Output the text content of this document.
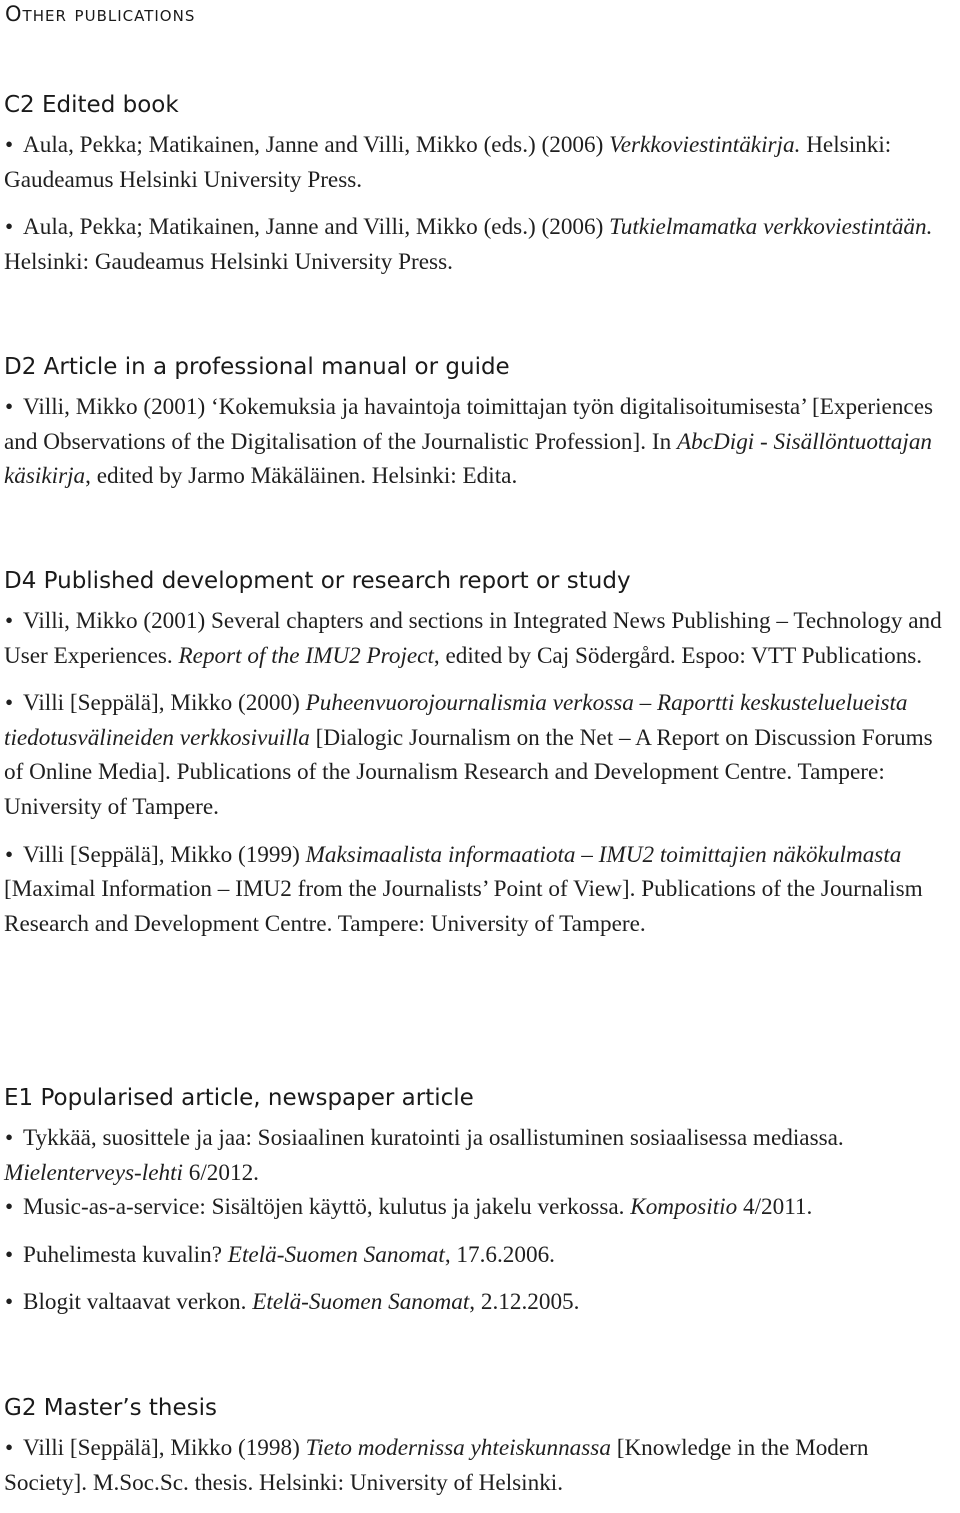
Other publications
C2 Edited book

• Aula, Pekka; Matikainen, Janne and Villi, Mikko (eds.) (2006) Verkkoviestintäkirja. Helsinki: Gaudeamus Helsinki University Press.

• Aula, Pekka; Matikainen, Janne and Villi, Mikko (eds.) (2006) Tutkielmamatka verkkoviestintään. Helsinki: Gaudeamus Helsinki University Press.

D2 Article in a professional manual or guide

• Villi, Mikko (2001) ‘Kokemuksia ja havaintoja toimittajan työn digitalisoitumisesta’ [Experiences and Observations of the Digitalisation of the Journalistic Profession]. In AbcDigi - Sisällöntuottajan käsikirja, edited by Jarmo Mäkäläinen. Helsinki: Edita.

D4 Published development or research report or study

• Villi, Mikko (2001) Several chapters and sections in Integrated News Publishing – Technology and User Experiences. Report of the IMU2 Project, edited by Caj Södergård. Espoo: VTT Publications.

• Villi [Seppälä], Mikko (2000) Puheenvuorojournalismia verkossa – Raportti keskusteluelueista tiedotusvälineiden verkkosivuilla [Dialogic Journalism on the Net – A Report on Discussion Forums of Online Media]. Publications of the Journalism Research and Development Centre. Tampere: University of Tampere.

• Villi [Seppälä], Mikko (1999) Maksimaalista informaatiota – IMU2 toimittajien näkökulmasta [Maximal Information – IMU2 from the Journalists’ Point of View]. Publications of the Journalism Research and Development Centre. Tampere: University of Tampere.

E1 Popularised article, newspaper article

• Tykkää, suosittele ja jaa: Sosiaalinen kuratointi ja osallistuminen sosiaalisessa mediassa. Mielenterveys-lehti 6/2012.

• Music-as-a-service: Sisältöjen käyttö, kulutus ja jakelu verkossa. Kompositio 4/2011.

• Puhelimesta kuvalin? Etelä-Suomen Sanomat, 17.6.2006.

• Blogit valtaavat verkon. Etelä-Suomen Sanomat, 2.12.2005.

G2 Master’s thesis

• Villi [Seppälä], Mikko (1998) Tieto modernissa yhteiskunnassa [Knowledge in the Modern Society]. M.Soc.Sc. thesis. Helsinki: University of Helsinki.
